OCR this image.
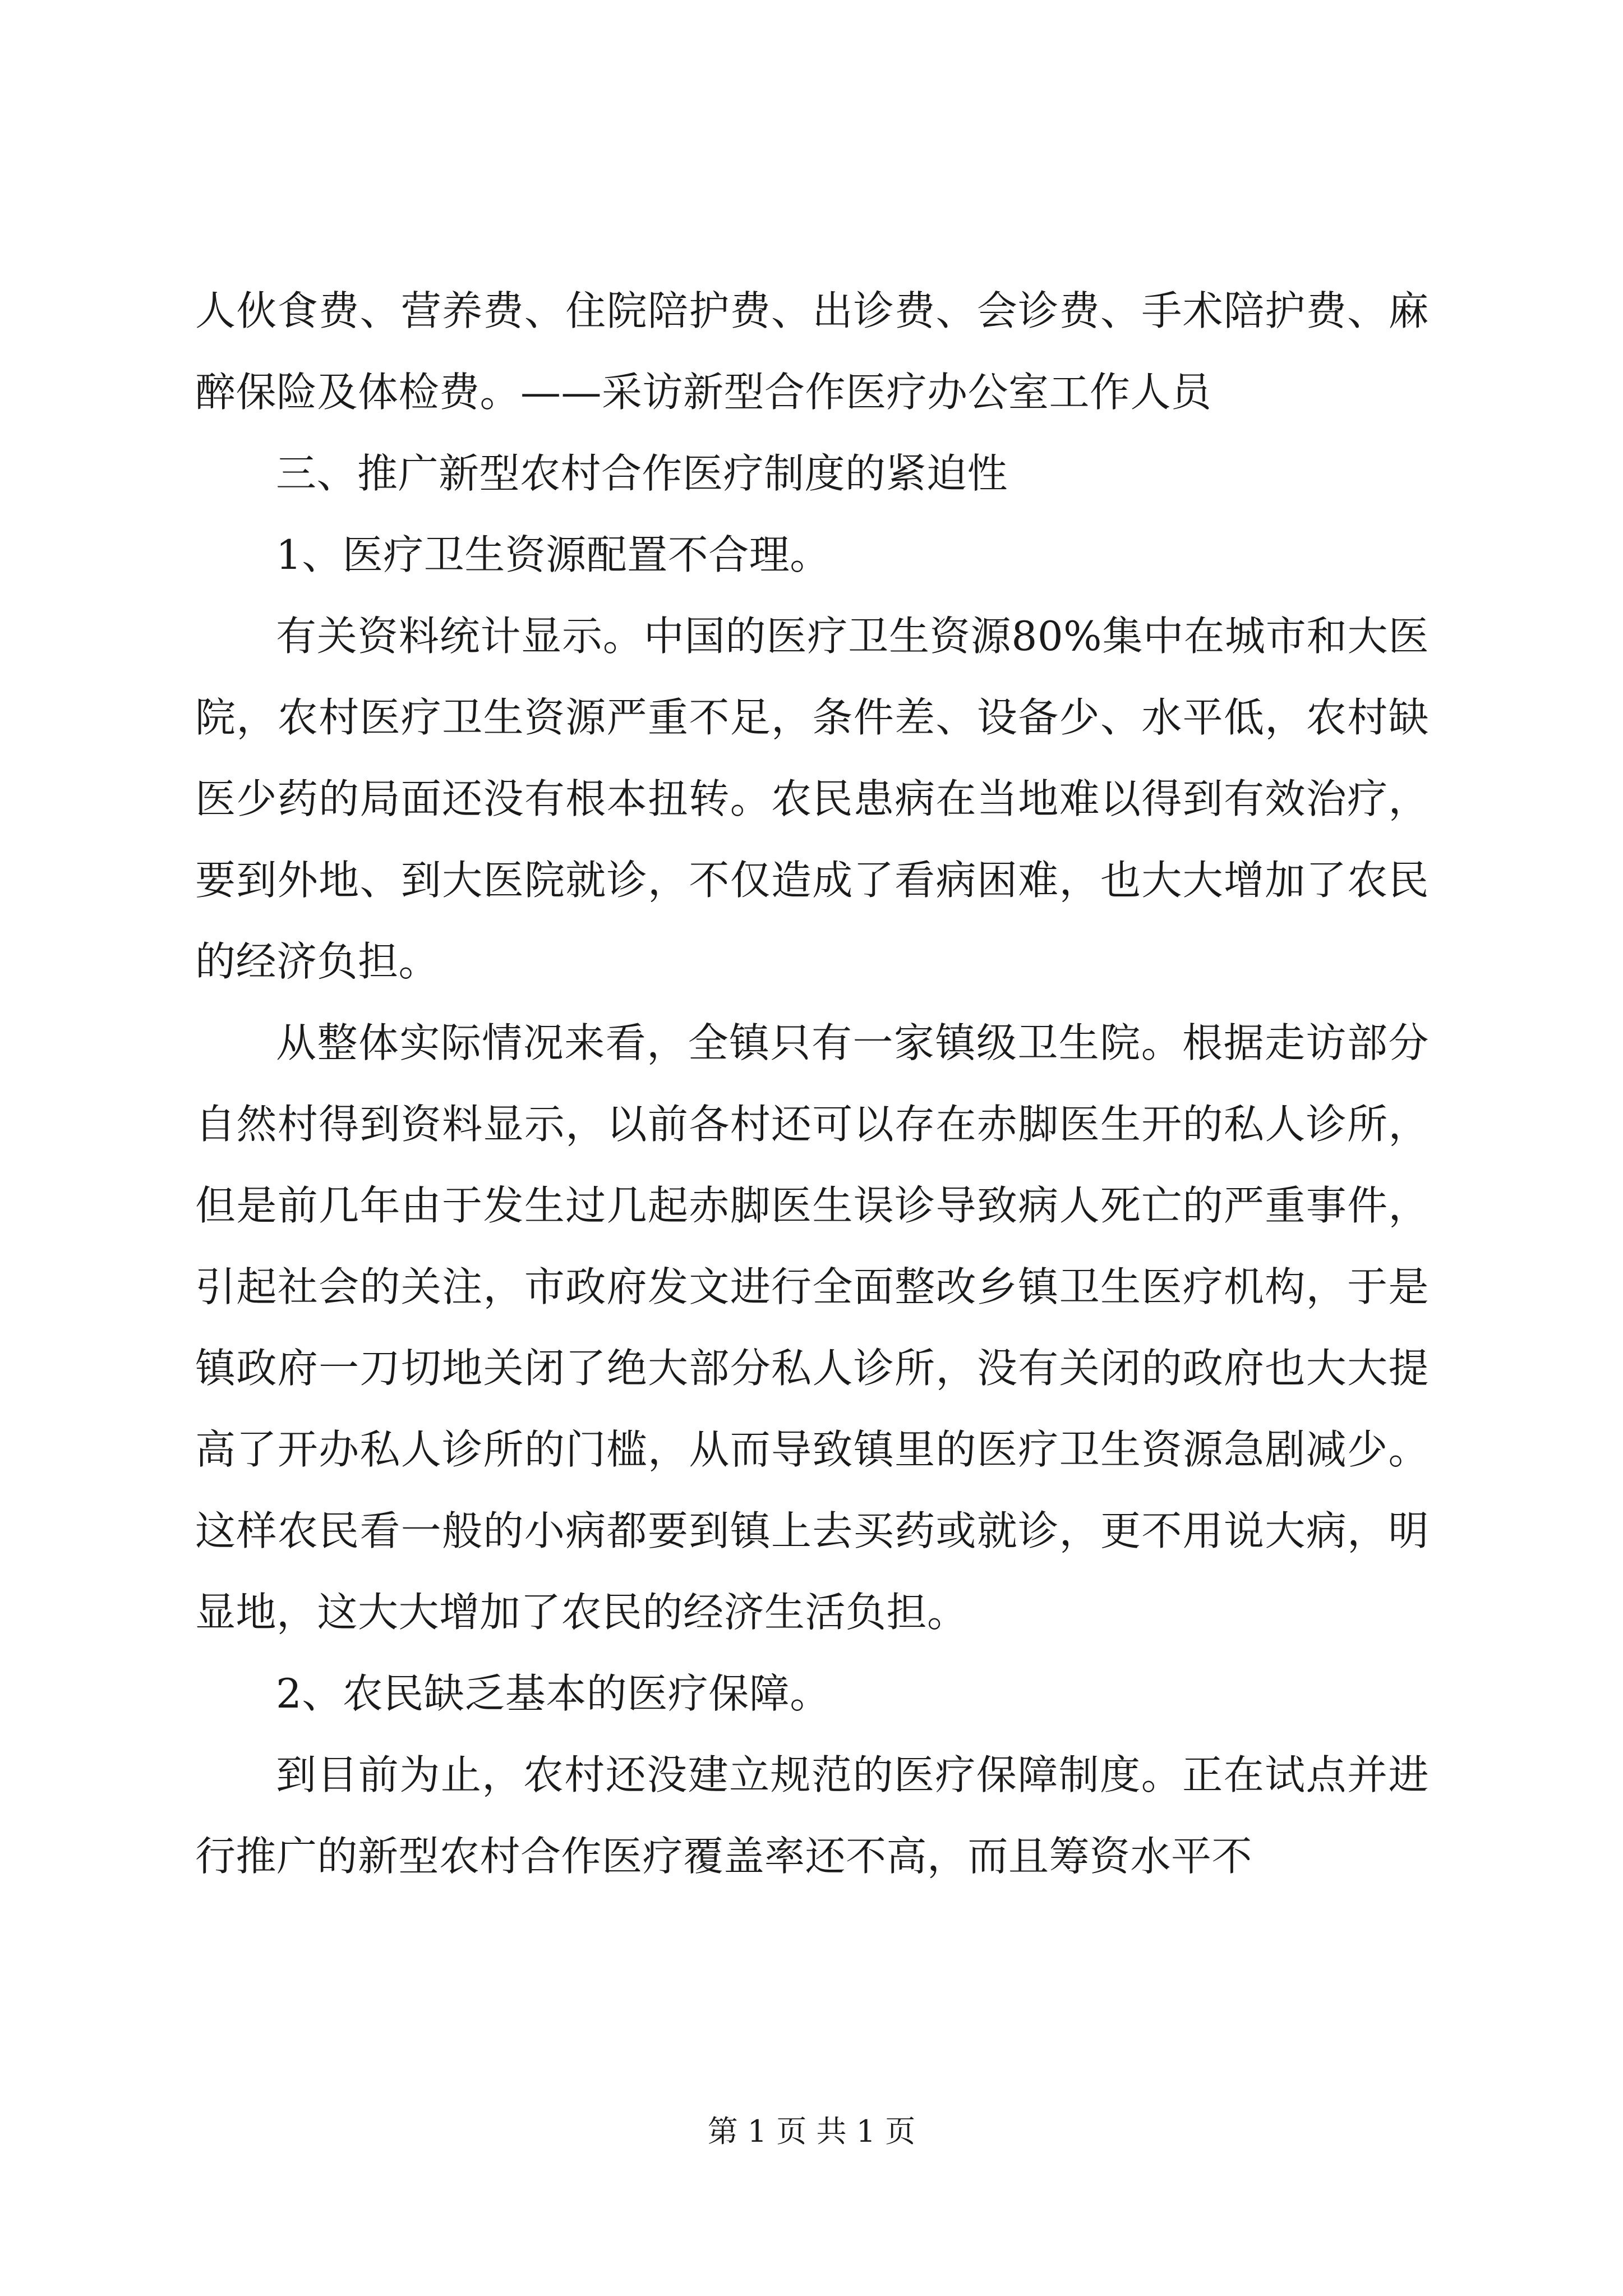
人伙食费、营养费、住院陪护费、出诊费、会诊费、手术陪护费、麻醉保险及体检费。——采访新型合作医疗办公室工作人员

三、推广新型农村合作医疗制度的紧迫性

1、医疗卫生资源配置不合理。

有关资料统计显示。中国的医疗卫生资源80%集中在城市和大医院，农村医疗卫生资源严重不足，条件差、设备少、水平低，农村缺医少药的局面还没有根本扭转。农民患病在当地难以得到有效治疗，要到外地、到大医院就诊，不仅造成了看病困难，也大大增加了农民的经济负担。

从整体实际情况来看，全镇只有一家镇级卫生院。根据走访部分自然村得到资料显示，以前各村还可以存在赤脚医生开的私人诊所，但是前几年由于发生过几起赤脚医生误诊导致病人死亡的严重事件，引起社会的关注，市政府发文进行全面整改乡镇卫生医疗机构，于是镇政府一刀切地关闭了绝大部分私人诊所，没有关闭的政府也大大提高了开办私人诊所的门槛，从而导致镇里的医疗卫生资源急剧减少。这样农民看一般的小病都要到镇上去买药或就诊，更不用说大病，明显地，这大大增加了农民的经济生活负担。

2、农民缺乏基本的医疗保障。

到目前为止，农村还没建立规范的医疗保障制度。正在试点并进行推广的新型农村合作医疗覆盖率还不高，而且筹资水平不

第 1 页 共 1 页
